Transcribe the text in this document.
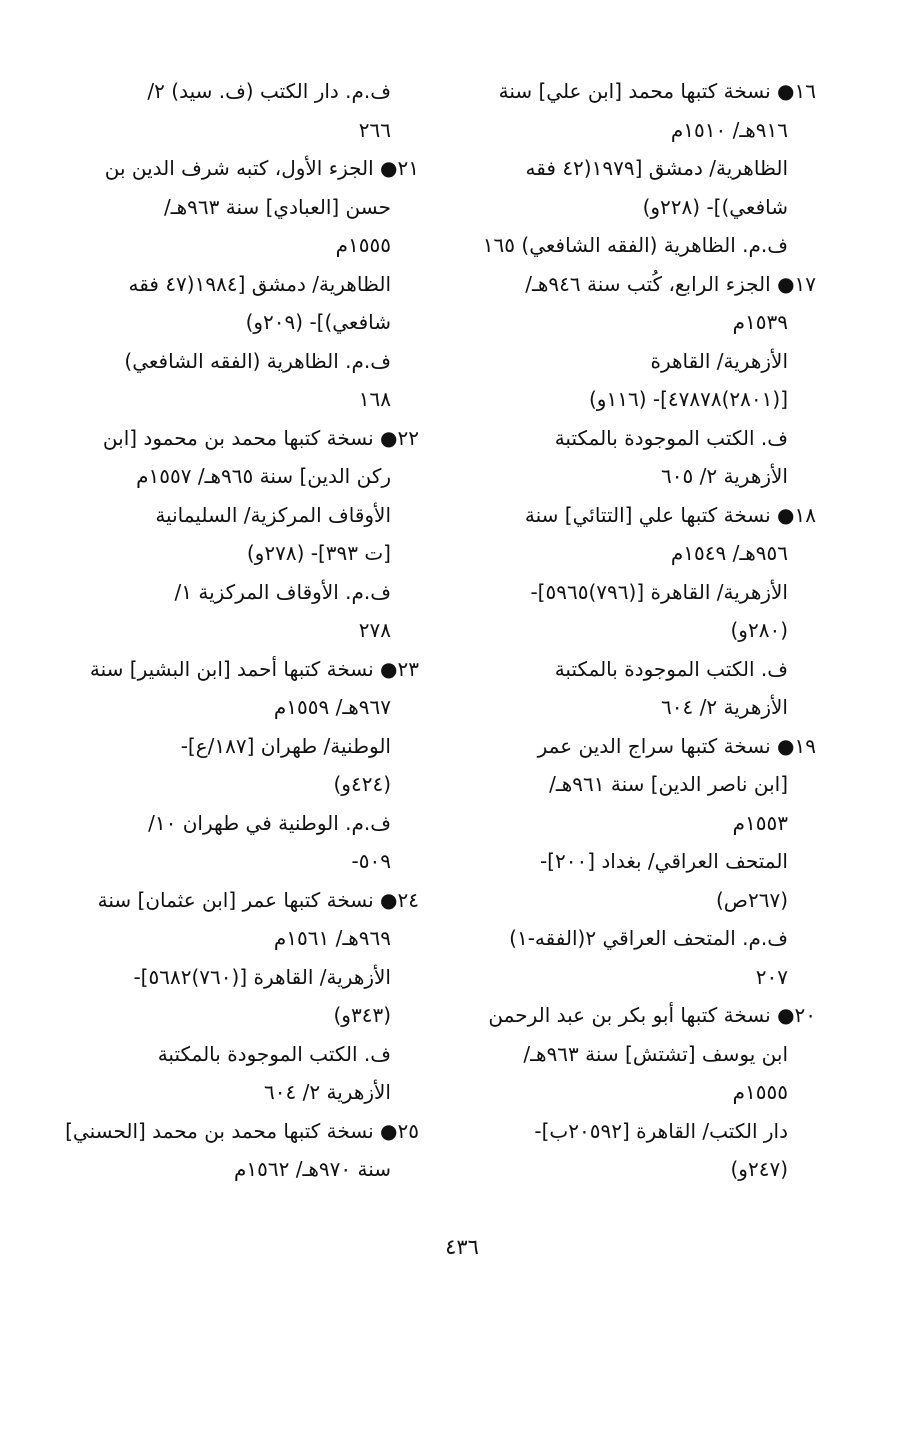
١٦● نسخة كتبها محمد [ابن علي] سنة
٩١٦هـ/ ١٥١٠م
الظاهرية/ دمشق [١٩٧٩(٤٢ فقه
شافعي)]- (٢٢٨و)
ف.م. الظاهرية (الفقه الشافعي) ١٦٥
١٧● الجزء الرابع، كُتب سنة ٩٤٦هـ/
١٥٣٩م
الأزهرية/ القاهرة
[(٢٨٠١)٤٧٨٧٨]- (١١٦و)
ف. الكتب الموجودة بالمكتبة
الأزهرية ٢/ ٦٠٥
١٨● نسخة كتبها علي [التتائي] سنة
٩٥٦هـ/ ١٥٤٩م
الأزهرية/ القاهرة [(٧٩٦)٥٩٦٥]-
(٢٨٠و)
ف. الكتب الموجودة بالمكتبة
الأزهرية ٢/ ٦٠٤
١٩● نسخة كتبها سراج الدين عمر
[ابن ناصر الدين] سنة ٩٦١هـ/
١٥٥٣م
المتحف العراقي/ بغداد [٢٠٠]-
(٢٦٧ص)
ف.م. المتحف العراقي ٢(الفقه-١)
٢٠٧
٢٠● نسخة كتبها أبو بكر بن عبد الرحمن
ابن يوسف [تشتش] سنة ٩٦٣هـ/
١٥٥٥م
دار الكتب/ القاهرة [٢٠٥٩٢ب]-
(٢٤٧و)
ف.م. دار الكتب (ف. سيد) ٢/
٢٦٦
٢١● الجزء الأول، كتبه شرف الدين بن
حسن [العبادي] سنة ٩٦٣هـ/
١٥٥٥م
الظاهرية/ دمشق [١٩٨٤(٤٧ فقه
شافعي)]- (٢٠٩و)
ف.م. الظاهرية (الفقه الشافعي)
١٦٨
٢٢● نسخة كتبها محمد بن محمود [ابن
ركن الدين] سنة ٩٦٥هـ/ ١٥٥٧م
الأوقاف المركزية/ السليمانية
[ت ٣٩٣]- (٢٧٨و)
ف.م. الأوقاف المركزية ١/
٢٧٨
٢٣● نسخة كتبها أحمد [ابن البشير] سنة
٩٦٧هـ/ ١٥٥٩م
الوطنية/ طهران [١٨٧/ع]-
(٤٢٤و)
ف.م. الوطنية في طهران ١٠/
٥٠٩-
٢٤● نسخة كتبها عمر [ابن عثمان] سنة
٩٦٩هـ/ ١٥٦١م
الأزهرية/ القاهرة [(٧٦٠)٥٦٨٢]-
(٣٤٣و)
ف. الكتب الموجودة بالمكتبة
الأزهرية ٢/ ٦٠٤
٢٥● نسخة كتبها محمد بن محمد [الحسني]
سنة ٩٧٠هـ/ ١٥٦٢م
٤٣٦
